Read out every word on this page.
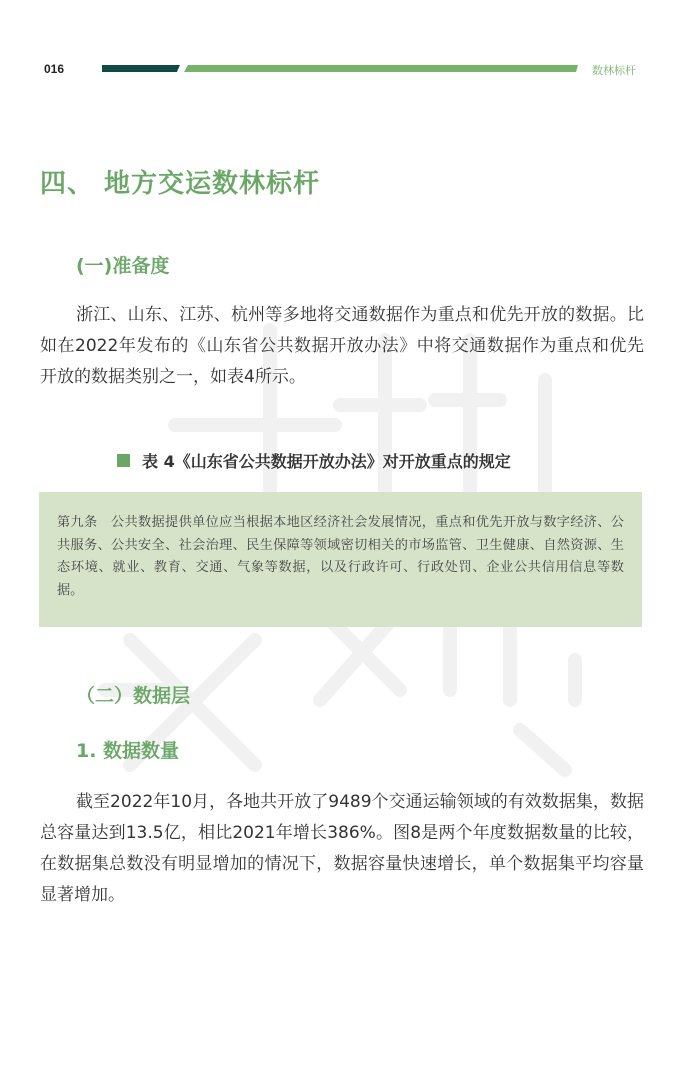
016	数林标杆
四、 地方交运数林标杆
(一)准备度
浙江、山东、江苏、杭州等多地将交通数据作为重点和优先开放的数据。比如在2022年发布的《山东省公共数据开放办法》中将交通数据作为重点和优先开放的数据类别之一，如表4所示。
表 4《山东省公共数据开放办法》对开放重点的规定
第九条　公共数据提供单位应当根据本地区经济社会发展情况，重点和优先开放与数字经济、公共服务、公共安全、社会治理、民生保障等领域密切相关的市场监管、卫生健康、自然资源、生态环境、就业、教育、交通、气象等数据，以及行政许可、行政处罚、企业公共信用信息等数据。
（二）数据层
1. 数据数量
截至2022年10月，各地共开放了9489个交通运输领域的有效数据集，数据总容量达到13.5亿，相比2021年增长386%。图8是两个年度数据数量的比较，在数据集总数没有明显增加的情况下，数据容量快速增长，单个数据集平均容量显著增加。
